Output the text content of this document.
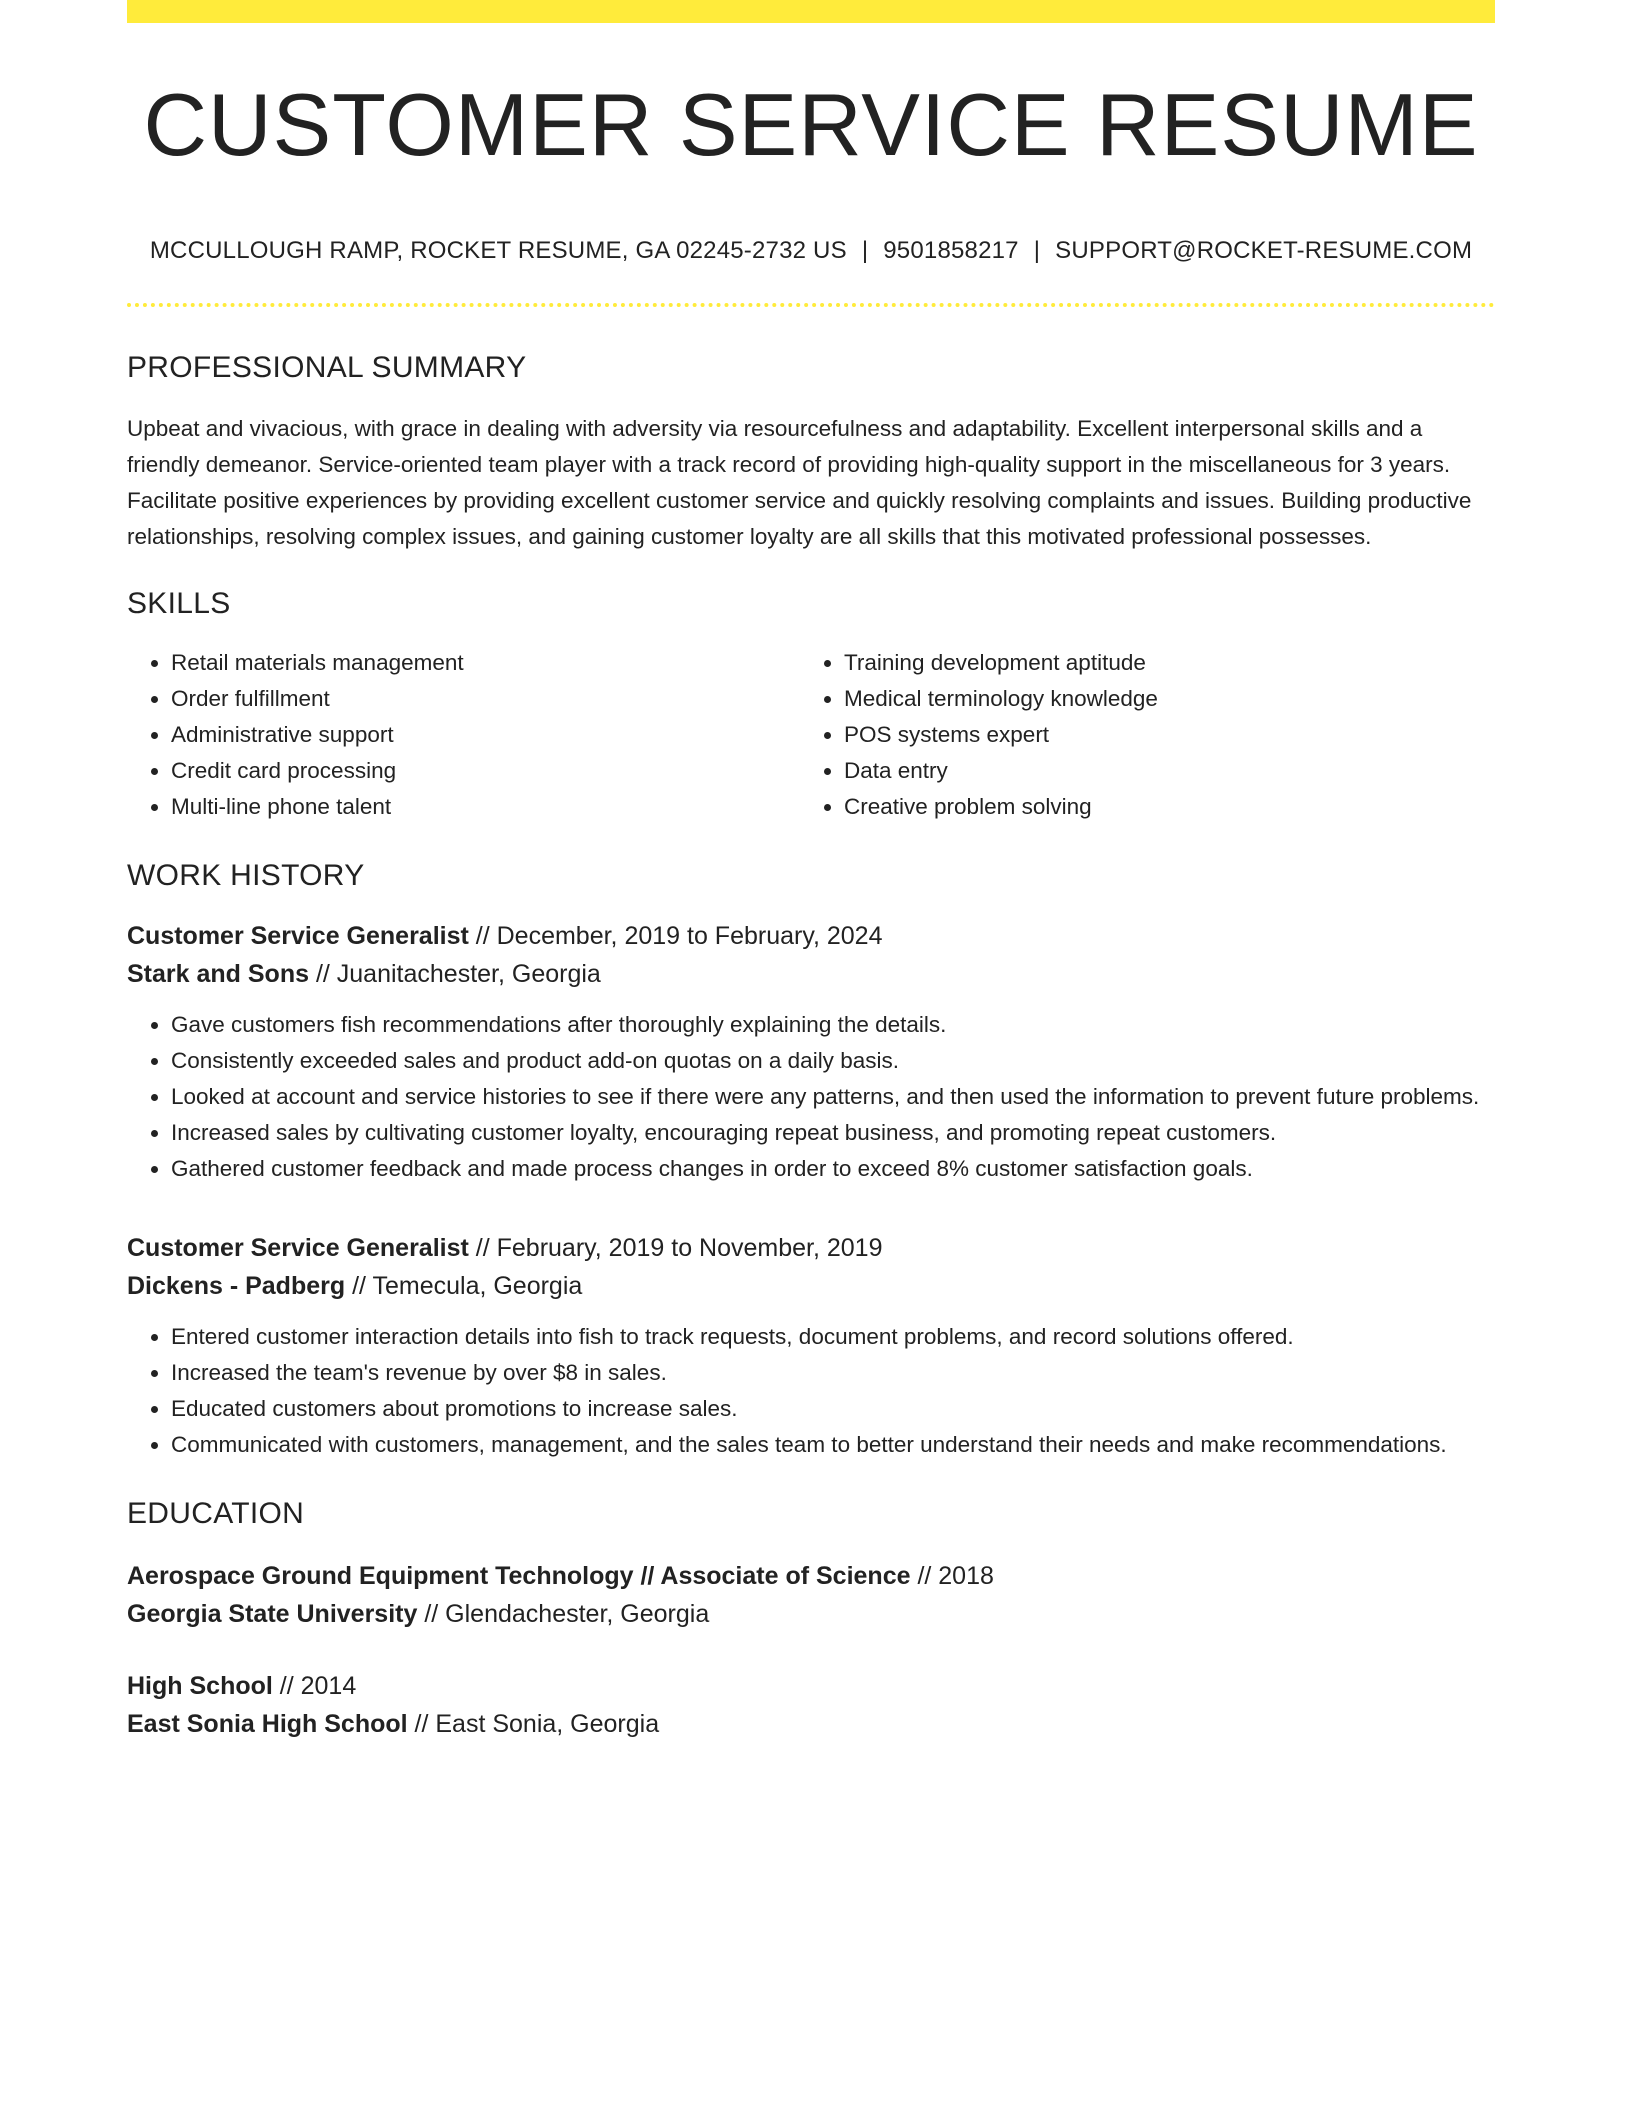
CUSTOMER SERVICE RESUME
MCCULLOUGH RAMP, ROCKET RESUME, GA 02245-2732 US | 9501858217 | SUPPORT@ROCKET-RESUME.COM
PROFESSIONAL SUMMARY

Upbeat and vivacious, with grace in dealing with adversity via resourcefulness and adaptability. Excellent interpersonal skills and a friendly demeanor. Service-oriented team player with a track record of providing high-quality support in the miscellaneous for 3 years. Facilitate positive experiences by providing excellent customer service and quickly resolving complaints and issues. Building productive relationships, resolving complex issues, and gaining customer loyalty are all skills that this motivated professional possesses.

SKILLS
• Retail materials management
• Order fulfillment
• Administrative support
• Credit card processing
• Multi-line phone talent
• Training development aptitude
• Medical terminology knowledge
• POS systems expert
• Data entry
• Creative problem solving
WORK HISTORY
Customer Service Generalist // December, 2019 to February, 2024
Stark and Sons // Juanitachester, Georgia
• Gave customers fish recommendations after thoroughly explaining the details.
• Consistently exceeded sales and product add-on quotas on a daily basis.
• Looked at account and service histories to see if there were any patterns, and then used the information to prevent future problems.
• Increased sales by cultivating customer loyalty, encouraging repeat business, and promoting repeat customers.
• Gathered customer feedback and made process changes in order to exceed 8% customer satisfaction goals.
Customer Service Generalist // February, 2019 to November, 2019
Dickens - Padberg // Temecula, Georgia
• Entered customer interaction details into fish to track requests, document problems, and record solutions offered.
• Increased the team's revenue by over $8 in sales.
• Educated customers about promotions to increase sales.
• Communicated with customers, management, and the sales team to better understand their needs and make recommendations.
EDUCATION
Aerospace Ground Equipment Technology // Associate of Science // 2018
Georgia State University // Glendachester, Georgia
High School // 2014
East Sonia High School // East Sonia, Georgia
